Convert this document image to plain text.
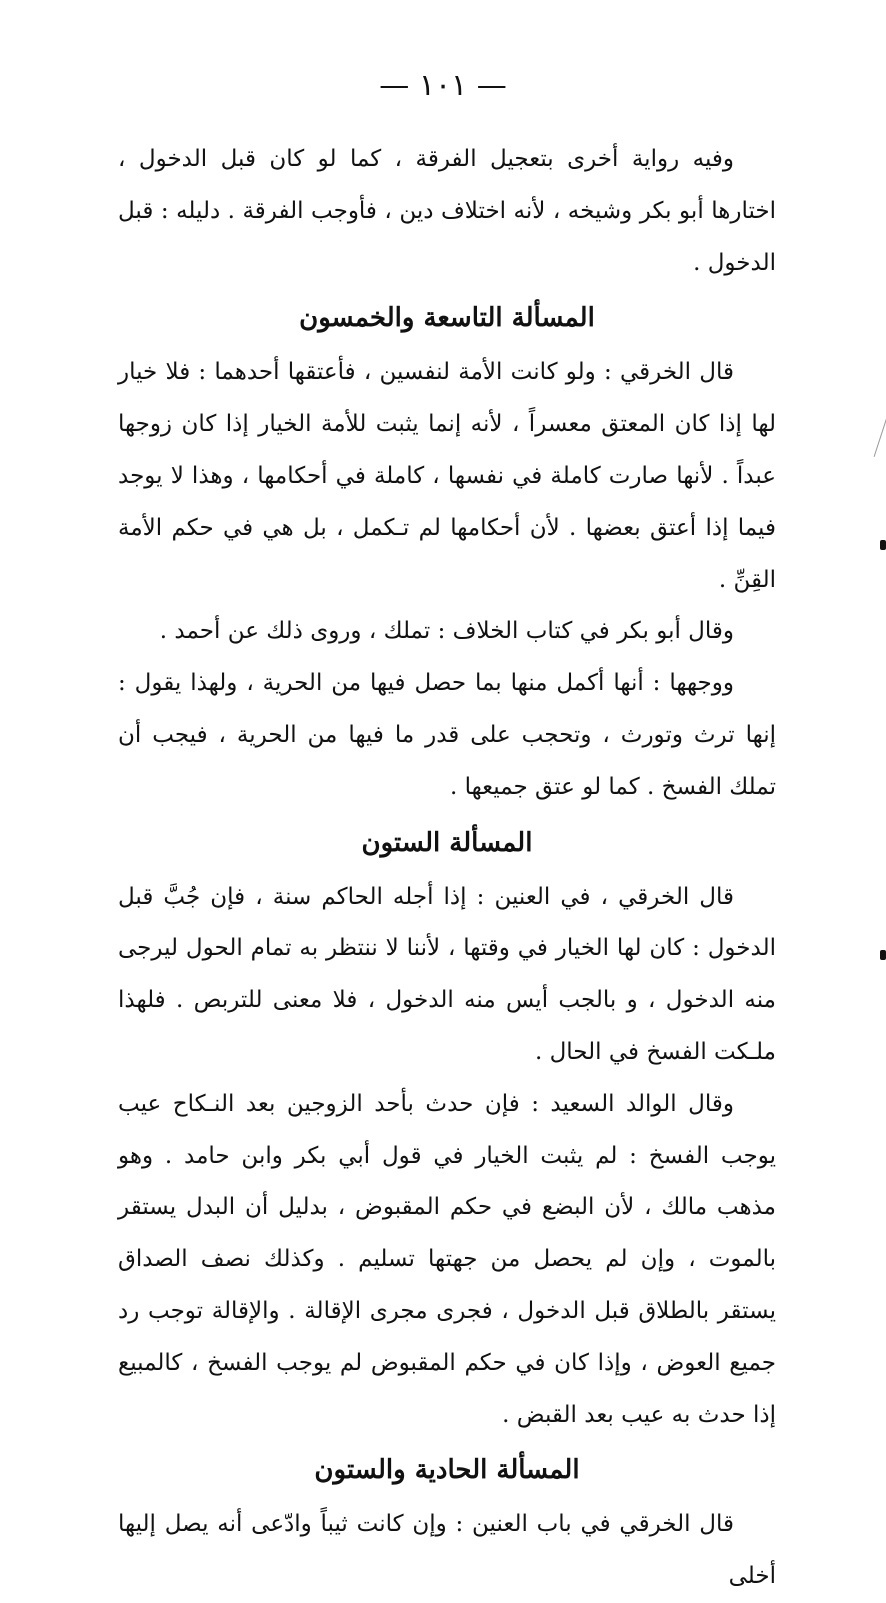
— ١٠١ —

وفيه رواية أخرى بتعجيل الفرقة ، كما لو كان قبل الدخول ، اختارها أبو بكر وشيخه ، لأنه اختلاف دين ، فأوجب الفرقة . دليله : قبل الدخول .

المسألة التاسعة والخمسون

قال الخرقي : ولو كانت الأمة لنفسين ، فأعتقها أحدهما : فلا خيار لها إذا كان المعتق معسراً ، لأنه إنما يثبت للأمة الخيار إذا كان زوجها عبداً . لأنها صارت كاملة في نفسها ، كاملة في أحكامها ، وهذا لا يوجد فيما إذا أعتق بعضها . لأن أحكامها لم تـكمل ، بل هي في حكم الأمة القِنِّ .

وقال أبو بكر في كتاب الخلاف : تملك ، وروى ذلك عن أحمد .

ووجهها : أنها أكمل منها بما حصل فيها من الحرية ، ولهذا يقول : إنها ترث وتورث ، وتحجب على قدر ما فيها من الحرية ، فيجب أن تملك الفسخ . كما لو عتق جميعها .

المسألة الستون

قال الخرقي ، في العنين : إذا أجله الحاكم سنة ، فإن جُبَّ قبل الدخول : كان لها الخيار في وقتها ، لأننا لا ننتظر به تمام الحول ليرجى منه الدخول ، و بالجب أيس منه الدخول ، فلا معنى للتربص . فلهذا ملـكت الفسخ في الحال .

وقال الوالد السعيد : فإن حدث بأحد الزوجين بعد النـكاح عيب يوجب الفسخ : لم يثبت الخيار في قول أبي بكر وابن حامد . وهو مذهب مالك ، لأن البضع في حكم المقبوض ، بدليل أن البدل يستقر بالموت ، وإن لم يحصل من جهتها تسليم . وكذلك نصف الصداق يستقر بالطلاق قبل الدخول ، فجرى مجرى الإقالة . والإقالة توجب رد جميع العوض ، وإذا كان في حكم المقبوض لم يوجب الفسخ ، كالمبيع إذا حدث به عيب بعد القبض .

المسألة الحادية والستون

قال الخرقي في باب العنين : وإن كانت ثيباً وادّعى أنه يصل إليها أخلى
